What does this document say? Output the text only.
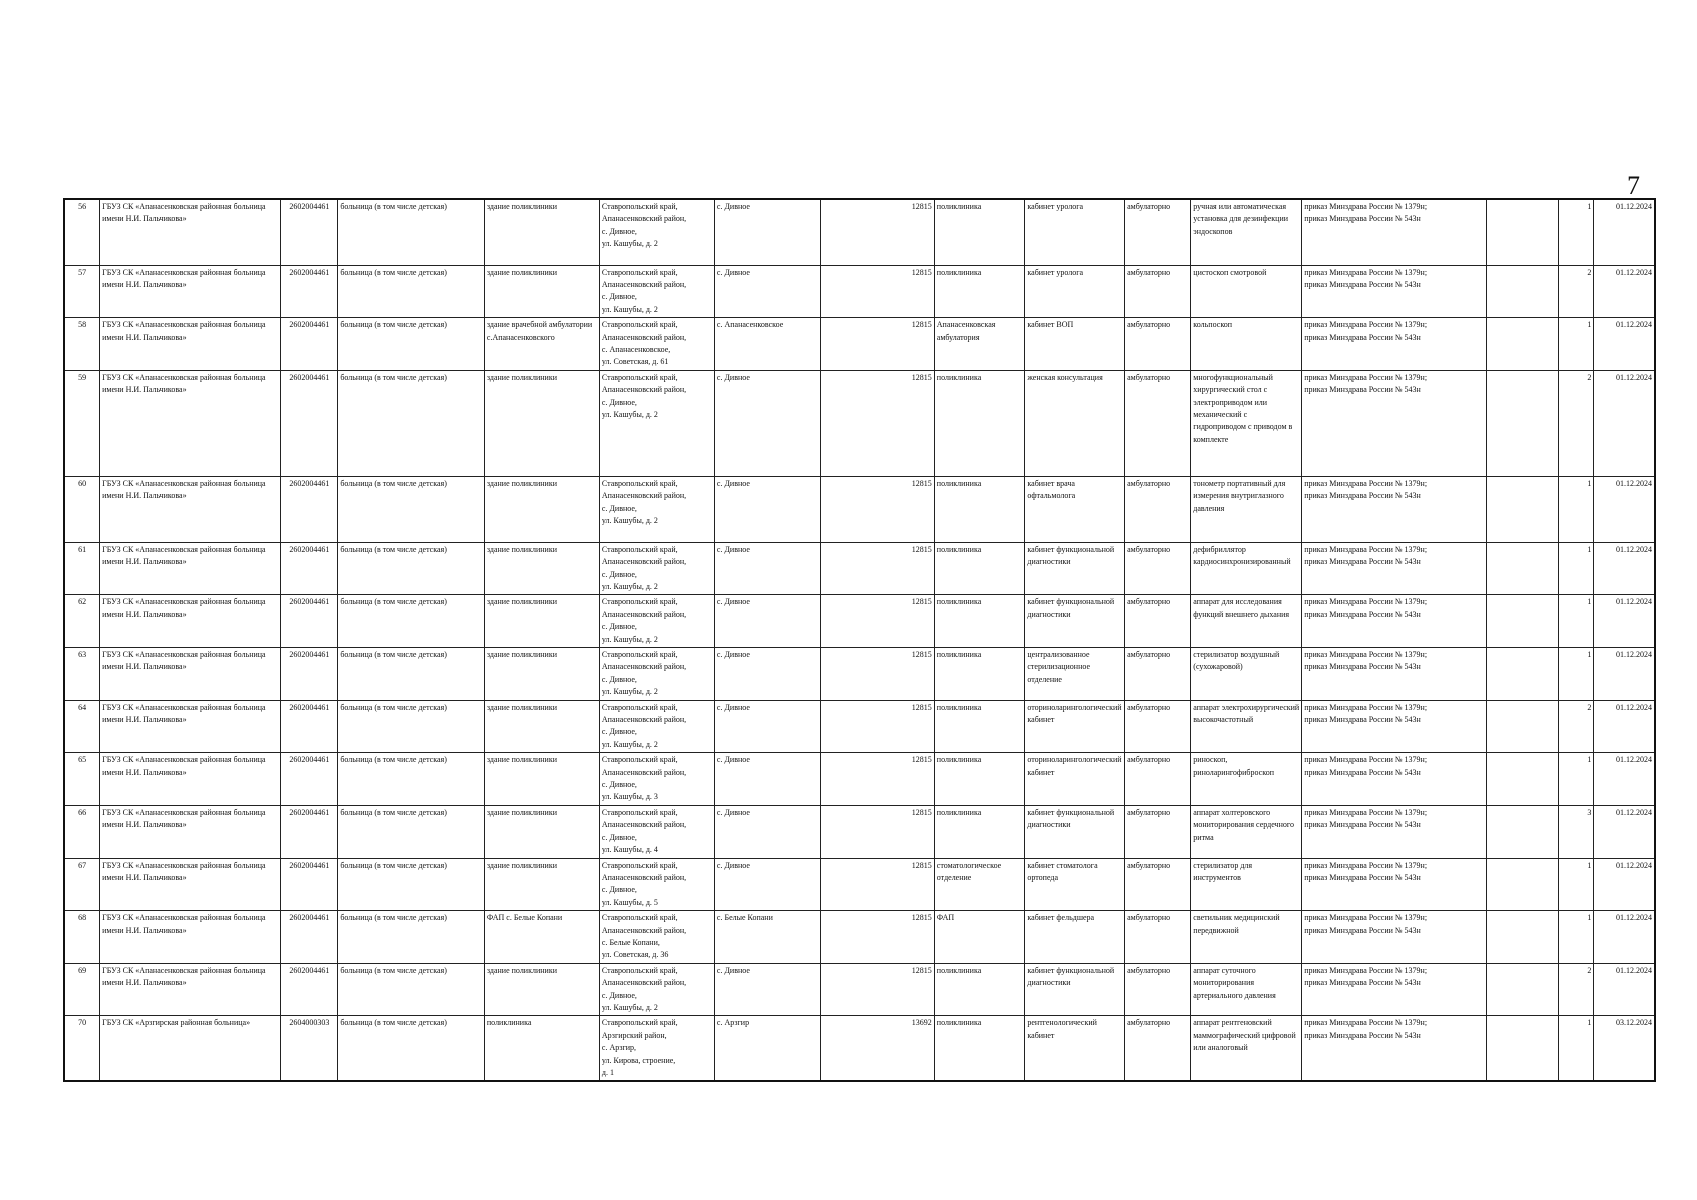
7
56	ГБУЗ СК «Апанасенковская районная больница имени Н.И. Пальчикова»	2602004461	больница (в том числе детская)	здание поликлиники	Ставропольский край,
Апанасенковский район,
с. Дивное,
ул. Кашубы, д. 2	с. Дивное	12815	поликлиника	кабинет уролога	амбулаторно	ручная или автоматическая установка для дезинфекции эндоскопов	приказ Минздрава России № 1379н;
приказ Минздрава России № 543н		1	01.12.2024
57	ГБУЗ СК «Апанасенковская районная больница имени Н.И. Пальчикова»	2602004461	больница (в том числе детская)	здание поликлиники	Ставропольский край,
Апанасенковский район,
с. Дивное,
ул. Кашубы, д. 2	с. Дивное	12815	поликлиника	кабинет уролога	амбулаторно	цистоскоп смотровой	приказ Минздрава России № 1379н;
приказ Минздрава России № 543н		2	01.12.2024
58	ГБУЗ СК «Апанасенковская районная больница имени Н.И. Пальчикова»	2602004461	больница (в том числе детская)	здание врачебной амбулатории с.Апанасенковского	Ставропольский край,
Апанасенковский район,
с. Апанасенковское,
ул. Советская, д. 61	с. Апанасенковское	12815	Апанасенковская амбулатория	кабинет ВОП	амбулаторно	кольпоскоп	приказ Минздрава России № 1379н;
приказ Минздрава России № 543н		1	01.12.2024
59	ГБУЗ СК «Апанасенковская районная больница имени Н.И. Пальчикова»	2602004461	больница (в том числе детская)	здание поликлиники	Ставропольский край,
Апанасенковский район,
с. Дивное,
ул. Кашубы, д. 2	с. Дивное	12815	поликлиника	женская консультация	амбулаторно	многофункциональный хирургический стол с электроприводом или механический с гидроприводом с приводом в комплекте	приказ Минздрава России № 1379н;
приказ Минздрава России № 543н		2	01.12.2024
60	ГБУЗ СК «Апанасенковская районная больница имени Н.И. Пальчикова»	2602004461	больница (в том числе детская)	здание поликлиники	Ставропольский край,
Апанасенковский район,
с. Дивное,
ул. Кашубы, д. 2	с. Дивное	12815	поликлиника	кабинет врача офтальмолога	амбулаторно	тонометр портативный для измерения внутриглазного давления	приказ Минздрава России № 1379н;
приказ Минздрава России № 543н		1	01.12.2024
61	ГБУЗ СК «Апанасенковская районная больница имени Н.И. Пальчикова»	2602004461	больница (в том числе детская)	здание поликлиники	Ставропольский край,
Апанасенковский район,
с. Дивное,
ул. Кашубы, д. 2	с. Дивное	12815	поликлиника	кабинет функциональной диагностики	амбулаторно	дефибриллятор кардиосинхронизированный	приказ Минздрава России № 1379н;
приказ Минздрава России № 543н		1	01.12.2024
62	ГБУЗ СК «Апанасенковская районная больница имени Н.И. Пальчикова»	2602004461	больница (в том числе детская)	здание поликлиники	Ставропольский край,
Апанасенковский район,
с. Дивное,
ул. Кашубы, д. 2	с. Дивное	12815	поликлиника	кабинет функциональной диагностики	амбулаторно	аппарат для исследования функций внешнего дыхания	приказ Минздрава России № 1379н;
приказ Минздрава России № 543н		1	01.12.2024
63	ГБУЗ СК «Апанасенковская районная больница имени Н.И. Пальчикова»	2602004461	больница (в том числе детская)	здание поликлиники	Ставропольский край,
Апанасенковский район,
с. Дивное,
ул. Кашубы, д. 2	с. Дивное	12815	поликлиника	централизованное стерилизационное отделение	амбулаторно	стерилизатор воздушный (сухожаровой)	приказ Минздрава России № 1379н;
приказ Минздрава России № 543н		1	01.12.2024
64	ГБУЗ СК «Апанасенковская районная больница имени Н.И. Пальчикова»	2602004461	больница (в том числе детская)	здание поликлиники	Ставропольский край,
Апанасенковский район,
с. Дивное,
ул. Кашубы, д. 2	с. Дивное	12815	поликлиника	оториноларингологический кабинет	амбулаторно	аппарат электрохирургический высокочастотный	приказ Минздрава России № 1379н;
приказ Минздрава России № 543н		2	01.12.2024
65	ГБУЗ СК «Апанасенковская районная больница имени Н.И. Пальчикова»	2602004461	больница (в том числе детская)	здание поликлиники	Ставропольский край,
Апанасенковский район,
с. Дивное,
ул. Кашубы, д. 3	с. Дивное	12815	поликлиника	оториноларингологический кабинет	амбулаторно	риноскоп,
риноларингофиброскоп	приказ Минздрава России № 1379н;
приказ Минздрава России № 543н		1	01.12.2024
66	ГБУЗ СК «Апанасенковская районная больница имени Н.И. Пальчикова»	2602004461	больница (в том числе детская)	здание поликлиники	Ставропольский край,
Апанасенковский район,
с. Дивное,
ул. Кашубы, д. 4	с. Дивное	12815	поликлиника	кабинет функциональной диагностики	амбулаторно	аппарат холтеровского мониторирования сердечного ритма	приказ Минздрава России № 1379н;
приказ Минздрава России № 543н		3	01.12.2024
67	ГБУЗ СК «Апанасенковская районная больница имени Н.И. Пальчикова»	2602004461	больница (в том числе детская)	здание поликлиники	Ставропольский край,
Апанасенковский район,
с. Дивное,
ул. Кашубы, д. 5	с. Дивное	12815	стоматологическое отделение	кабинет стоматолога ортопеда	амбулаторно	стерилизатор для инструментов	приказ Минздрава России № 1379н;
приказ Минздрава России № 543н		1	01.12.2024
68	ГБУЗ СК «Апанасенковская районная больница имени Н.И. Пальчикова»	2602004461	больница (в том числе детская)	ФАП с. Белые Копани	Ставропольский край,
Апанасенковский район,
с. Белые Копани,
ул. Советская, д. 36	с. Белые Копани	12815	ФАП	кабинет фельдшера	амбулаторно	светильник медицинский передвижной	приказ Минздрава России № 1379н;
приказ Минздрава России № 543н		1	01.12.2024
69	ГБУЗ СК «Апанасенковская районная больница имени Н.И. Пальчикова»	2602004461	больница (в том числе детская)	здание поликлиники	Ставропольский край,
Апанасенковский район,
с. Дивное,
ул. Кашубы, д. 2	с. Дивное	12815	поликлиника	кабинет функциональной диагностики	амбулаторно	аппарат суточного мониторирования артериального давления	приказ Минздрава России № 1379н;
приказ Минздрава России № 543н		2	01.12.2024
70	ГБУЗ СК «Арзгирская районная больница»	2604000303	больница (в том числе детская)	поликлиника	Ставропольский край,
Арзгирский район,
с. Арзгир,
ул. Кирова, строение,
д. 1	с. Арзгир	13692	поликлиника	рентгенологический кабинет	амбулаторно	аппарат рентгеновский маммографический цифровой или аналоговый	приказ Минздрава России № 1379н;
приказ Минздрава России № 543н		1	03.12.2024
